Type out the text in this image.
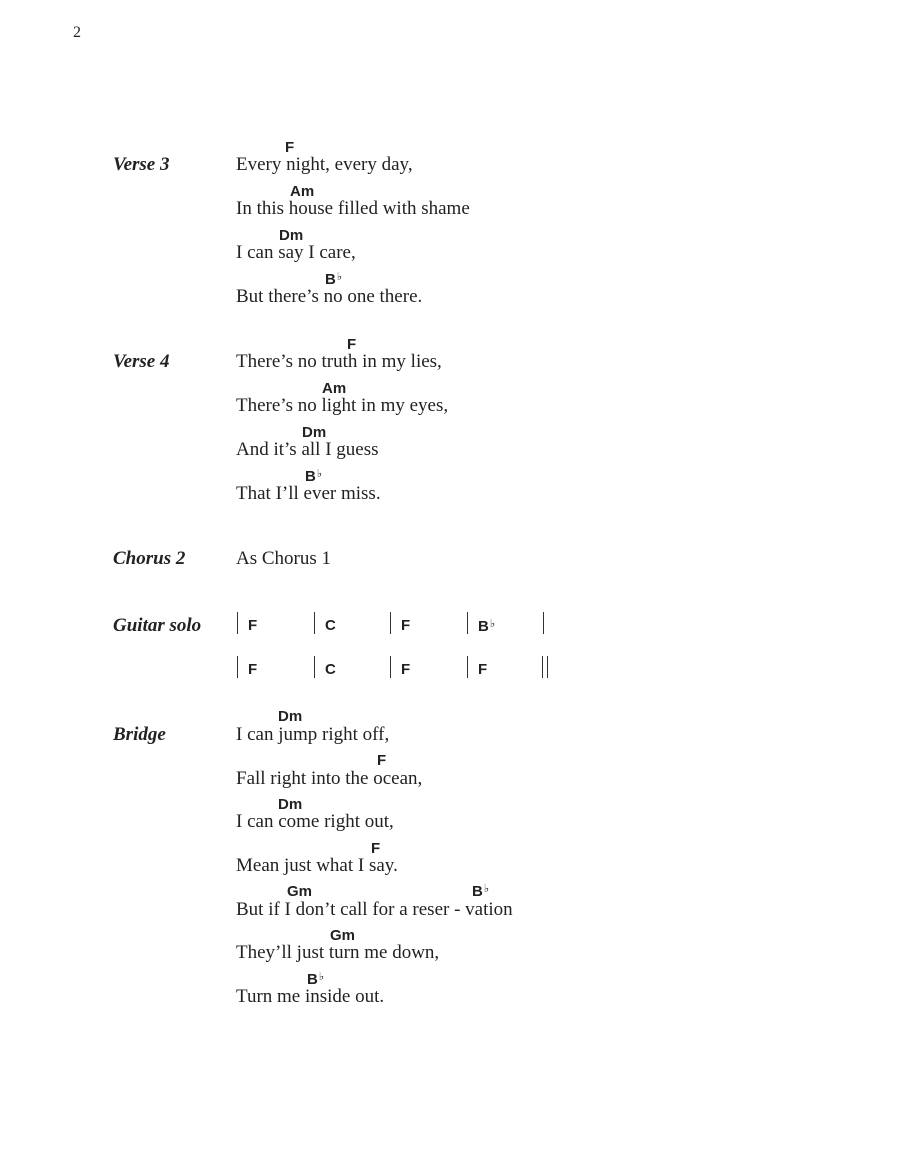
2
Verse 3
F
Every night, every day,
Am
In this house filled with shame
Dm
I can say I care,
B♭
But there’s no one there.
Verse 4
F
There’s no truth in my lies,
Am
There’s no light in my eyes,
Dm
And it’s all I guess
B♭
That I’ll ever miss.
Chorus 2	As Chorus 1
Guitar solo	F	C	F	B♭
F	C	F	F
Bridge
Dm
I can jump right off,
F
Fall right into the ocean,
Dm
I can come right out,
F
Mean just what I say.
Gm	B♭
But if I don’t call for a reser - vation
Gm
They’ll just turn me down,
B♭
Turn me inside out.
